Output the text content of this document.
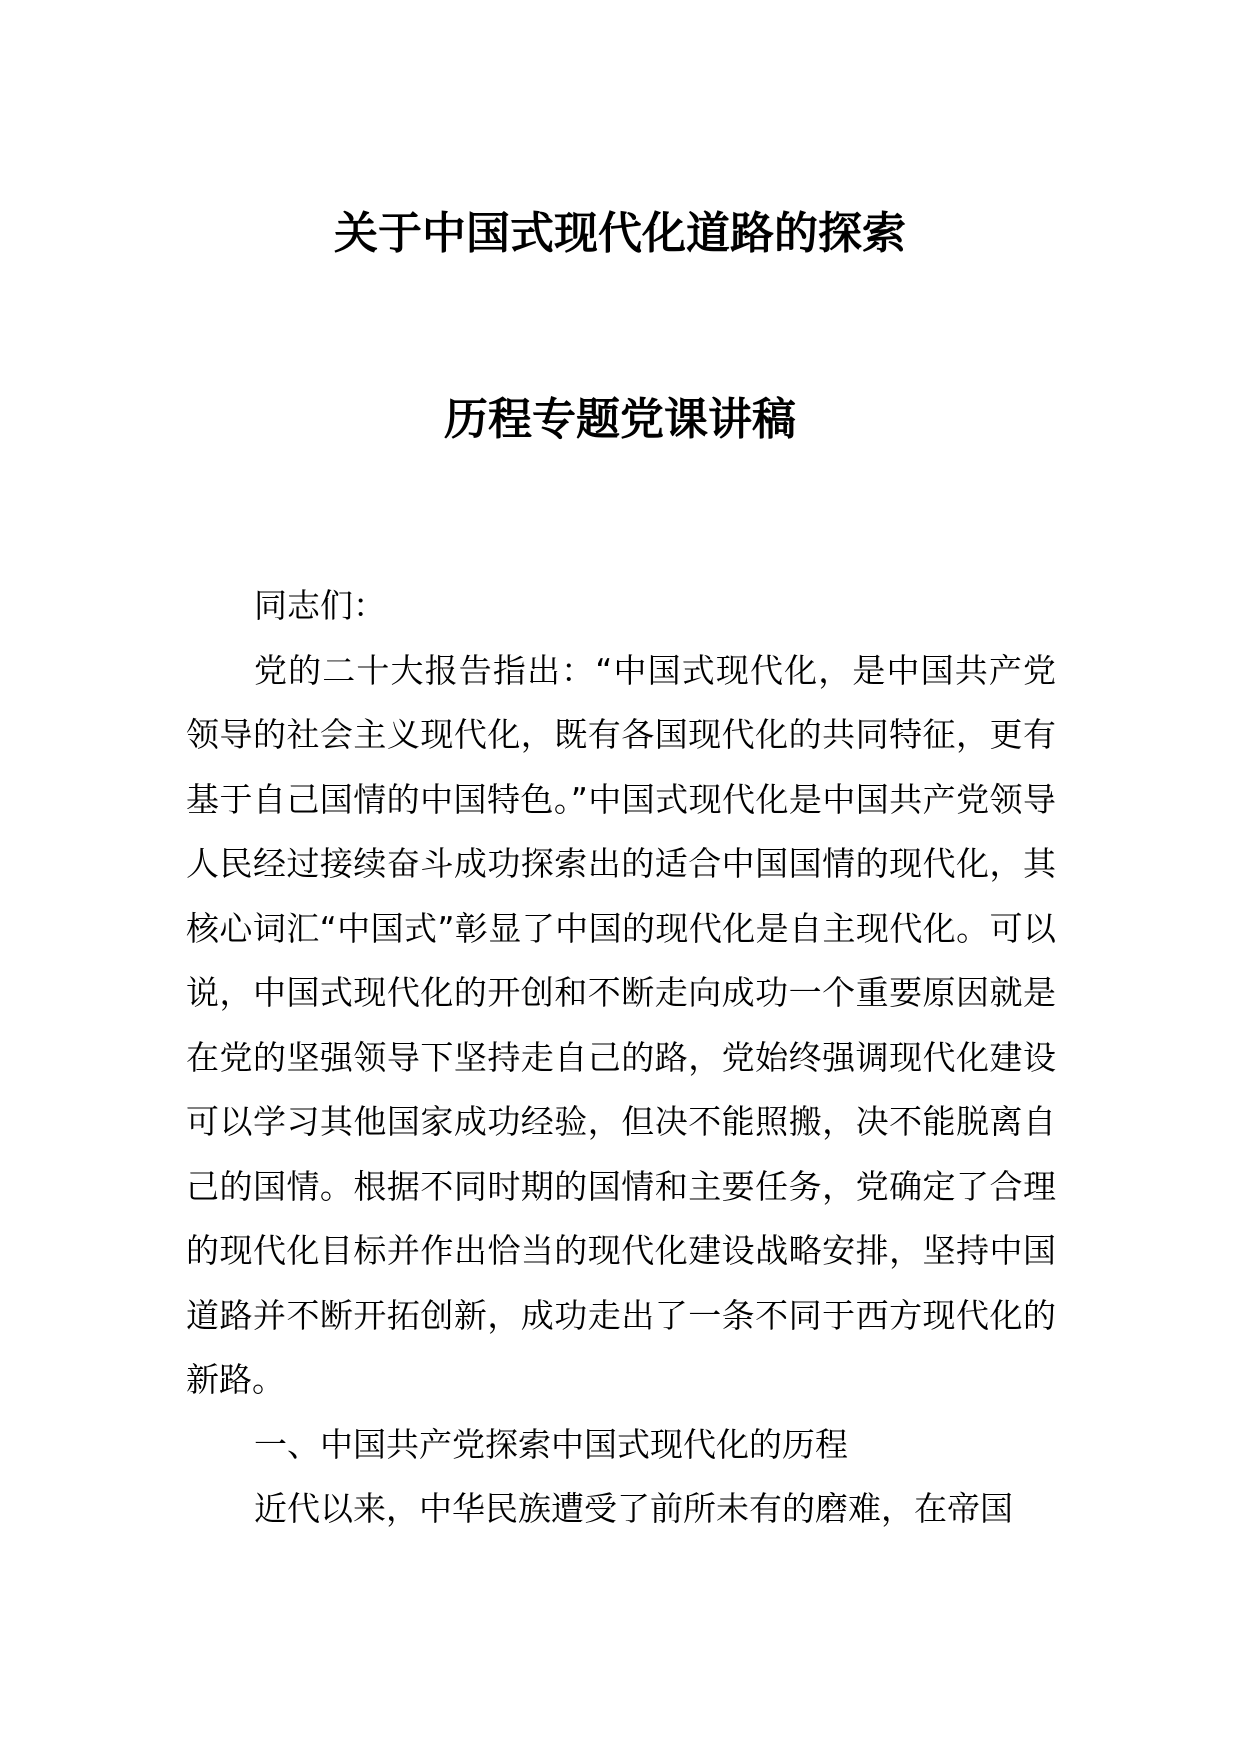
关于中国式现代化道路的探索
历程专题党课讲稿

同志们：

党的二十大报告指出：“中国式现代化，是中国共产党领导的社会主义现代化，既有各国现代化的共同特征，更有基于自己国情的中国特色。”中国式现代化是中国共产党领导人民经过接续奋斗成功探索出的适合中国国情的现代化，其核心词汇“中国式”彰显了中国的现代化是自主现代化。可以说，中国式现代化的开创和不断走向成功一个重要原因就是在党的坚强领导下坚持走自己的路，党始终强调现代化建设可以学习其他国家成功经验，但决不能照搬，决不能脱离自己的国情。根据不同时期的国情和主要任务，党确定了合理的现代化目标并作出恰当的现代化建设战略安排，坚持中国道路并不断开拓创新，成功走出了一条不同于西方现代化的新路。

一、中国共产党探索中国式现代化的历程

近代以来，中华民族遭受了前所未有的磨难，在帝国
